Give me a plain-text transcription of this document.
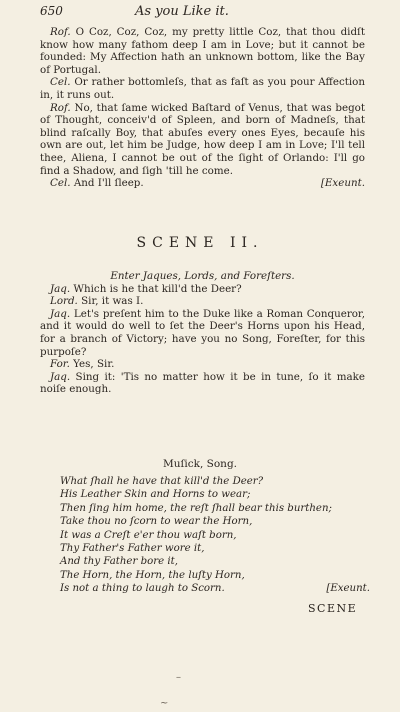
650	As you Like it.

Rof. O Coz, Coz, Coz, my pretty little Coz, that thou didſt know how many fathom deep I am in Love; but it cannot be founded: My Affection hath an unknown bottom, like the Bay of Portugal.

Cel. Or rather bottomleſs, that as faſt as you pour Affection in, it runs out.

Rof. No, that ſame wicked Baſtard of Venus, that was begot of Thought, conceiv'd of Spleen, and born of Madneſs, that blind raſcally Boy, that abuſes every ones Eyes, becauſe his own are out, let him be Judge, how deep I am in Love; I'll tell thee, Aliena, I cannot be out of the ſight of Orlando: I'll go find a Shadow, and ſigh 'till he come.

Cel. And I'll ſleep.	[Exeunt.

SCENE II.

Enter Jaques, Lords, and Foreſters.

Jaq. Which is he that kill'd the Deer?

Lord. Sir, it was I.

Jaq. Let's preſent him to the Duke like a Roman Conqueror, and it would do well to ſet the Deer's Horns upon his Head, for a branch of Victory; have you no Song, Foreſter, for this purpoſe?

For. Yes, Sir.

Jaq. Sing it: 'Tis no matter how it be in tune, ſo it make noiſe enough.

Muſick, Song.
What ſhall he have that kill'd the Deer?
His Leather Skin and Horns to wear;
Then ſing him home, the reſt ſhall bear this burthen;
Take thou no ſcorn to wear the Horn,
It was a Creſt e'er thou waſt born,
Thy Father's Father wore it,
And thy Father bore it,
The Horn, the Horn, the luſty Horn,
Is not a thing to laugh to Scorn.	[Exeunt.
SCENE
–
~
